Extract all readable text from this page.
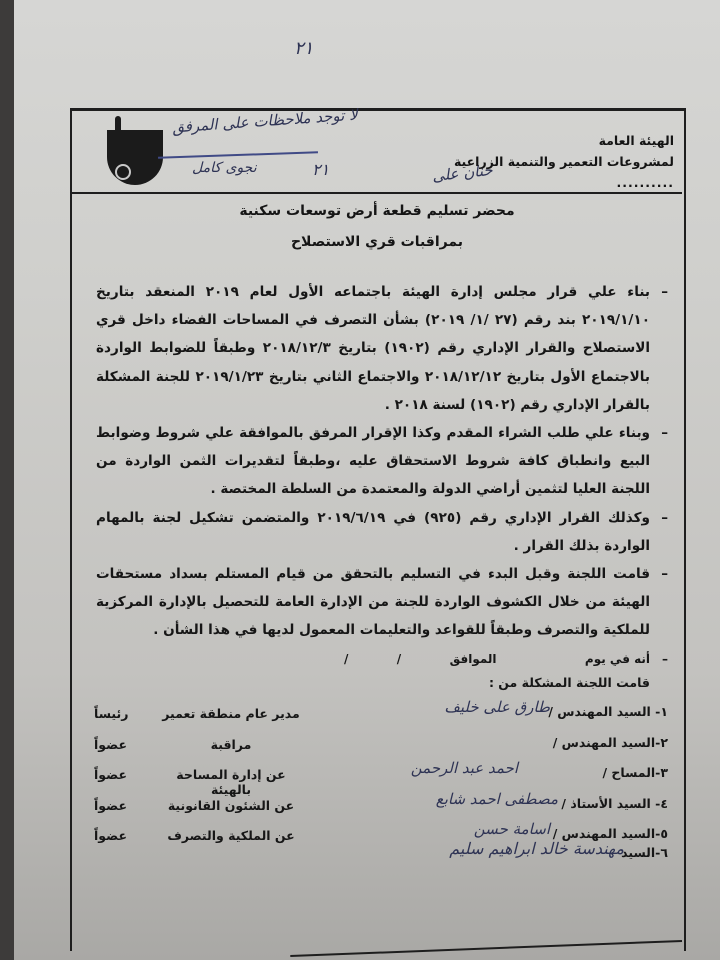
٢١
لا توجد ملاحظات على المرفق
نجوى كامل	٢١	خنان على
الهيئة العامة
لمشروعات التعمير والتنمية الزراعية
..........
محضر تسليم قطعة أرض توسعات سكنية
بمراقبات قري الاستصلاح
–
بناء علي قرار مجلس إدارة الهيئة باجتماعه الأول لعام ٢٠١٩ المنعقد بتاريخ ٢٠١٩/١/١٠ بند رقم (٢٧ /١/ ٢٠١٩) بشأن التصرف في المساحات الفضاء داخل قري الاستصلاح والقرار الإداري رقم (١٩٠٢) بتاريخ ٢٠١٨/١٢/٣ وطبقاً للضوابط الواردة بالاجتماع الأول بتاريخ ٢٠١٨/١٢/١٢ والاجتماع الثاني بتاريخ ٢٠١٩/١/٢٣ للجنة المشكلة بالقرار الإداري رقم (١٩٠٢) لسنة ٢٠١٨ .
–
وبناء علي طلب الشراء المقدم وكذا الإقرار المرفق بالموافقة علي شروط وضوابط البيع وانطباق كافة شروط الاستحقاق عليه ،وطبقاً لتقديرات الثمن الواردة من اللجنة العليا لتثمين أراضي الدولة والمعتمدة من السلطة المختصة .
–
وكذلك القرار الإداري رقم (٩٢٥) في ٢٠١٩/٦/١٩ والمتضمن تشكيل لجنة بالمهام الواردة بذلك القرار .
–
قامت اللجنة وقبل البدء في التسليم بالتحقق من قيام المستلم بسداد مستحقات الهيئة من خلال الكشوف الواردة للجنة من الإدارة العامة للتحصيل بالإدارة المركزية للملكية والتصرف وطبقاً للقواعد والتعليمات المعمول لديها في هذا الشأن .
–
أنه في يوم  الموافق  /  /
قامت اللجنة المشكلة من :
١- السيد المهندس /
طارق على خليف
مدير عام منطقة تعمير
رئيساً
٢-السيد المهندس /
مراقبة
عضواً
٣-المساح /
احمد عبد الرحمن
عن إدارة المساحة بالهيئة
عضواً
٤- السيد الأستاذ /
مصطفى احمد شابع
عن الشئون القانونية
عضواً
٥-السيد المهندس /
اسامة حسن
عن الملكية والتصرف
عضواً
٦-السيد
مهندسة خالد ابراهيم سليم
